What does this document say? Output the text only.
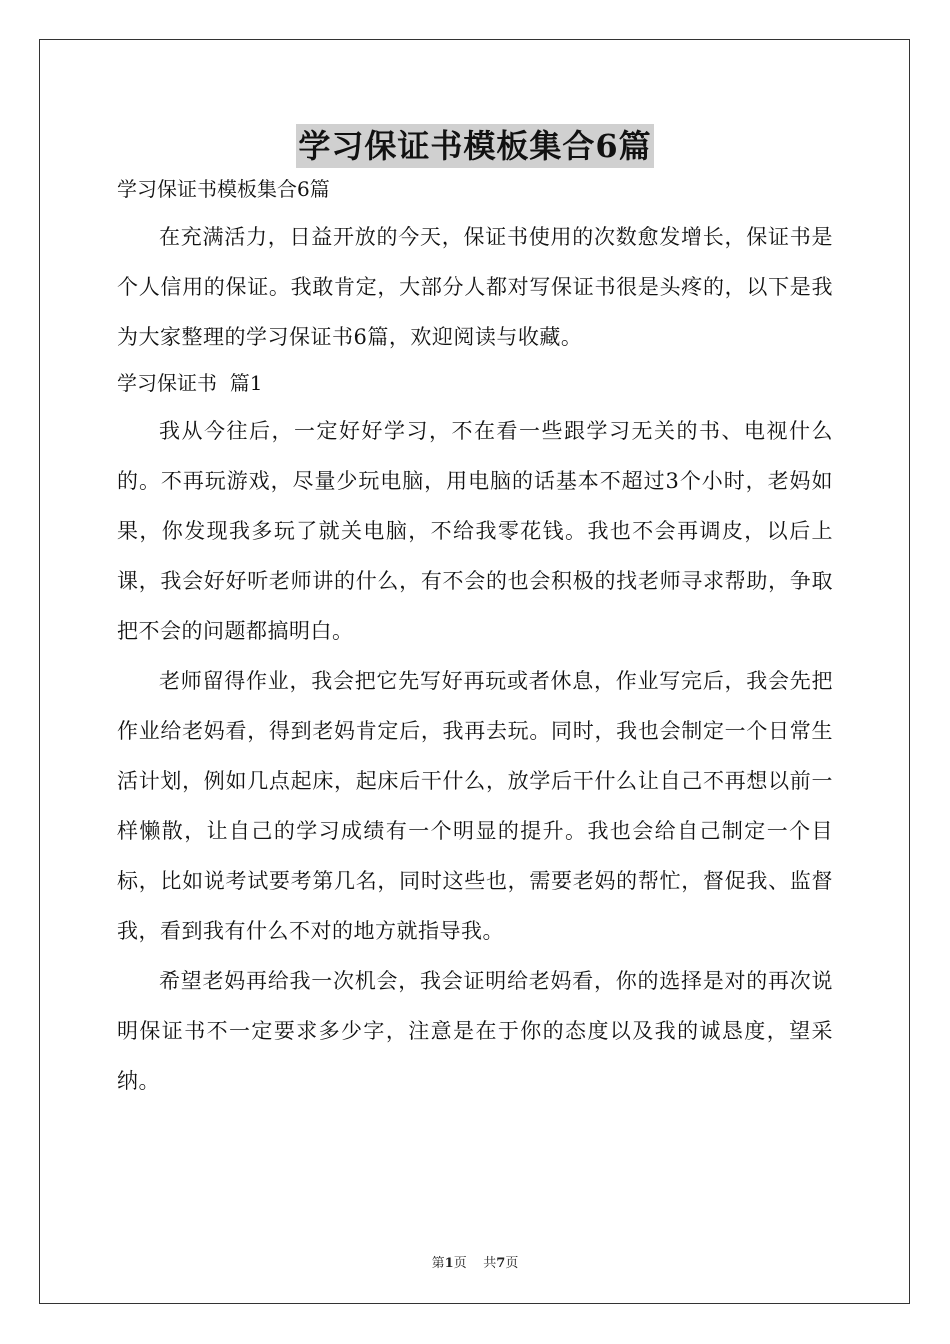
学习保证书模板集合6篇
学习保证书模板集合6篇

在充满活力，日益开放的今天，保证书使用的次数愈发增长，保证书是个人信用的保证。我敢肯定，大部分人都对写保证书很是头疼的，以下是我为大家整理的学习保证书6篇，欢迎阅读与收藏。

学习保证书  篇1

我从今往后，一定好好学习，不在看一些跟学习无关的书、电视什么的。不再玩游戏，尽量少玩电脑，用电脑的话基本不超过3个小时，老妈如果，你发现我多玩了就关电脑，不给我零花钱。我也不会再调皮，以后上课，我会好好听老师讲的什么，有不会的也会积极的找老师寻求帮助，争取把不会的问题都搞明白。

老师留得作业，我会把它先写好再玩或者休息，作业写完后，我会先把作业给老妈看，得到老妈肯定后，我再去玩。同时，我也会制定一个日常生活计划，例如几点起床，起床后干什么，放学后干什么让自己不再想以前一样懒散，让自己的学习成绩有一个明显的提升。我也会给自己制定一个目标，比如说考试要考第几名，同时这些也，需要老妈的帮忙，督促我、监督我，看到我有什么不对的地方就指导我。

希望老妈再给我一次机会，我会证明给老妈看，你的选择是对的再次说明保证书不一定要求多少字，注意是在于你的态度以及我的诚恳度，望采纳。

第1页 共7页
